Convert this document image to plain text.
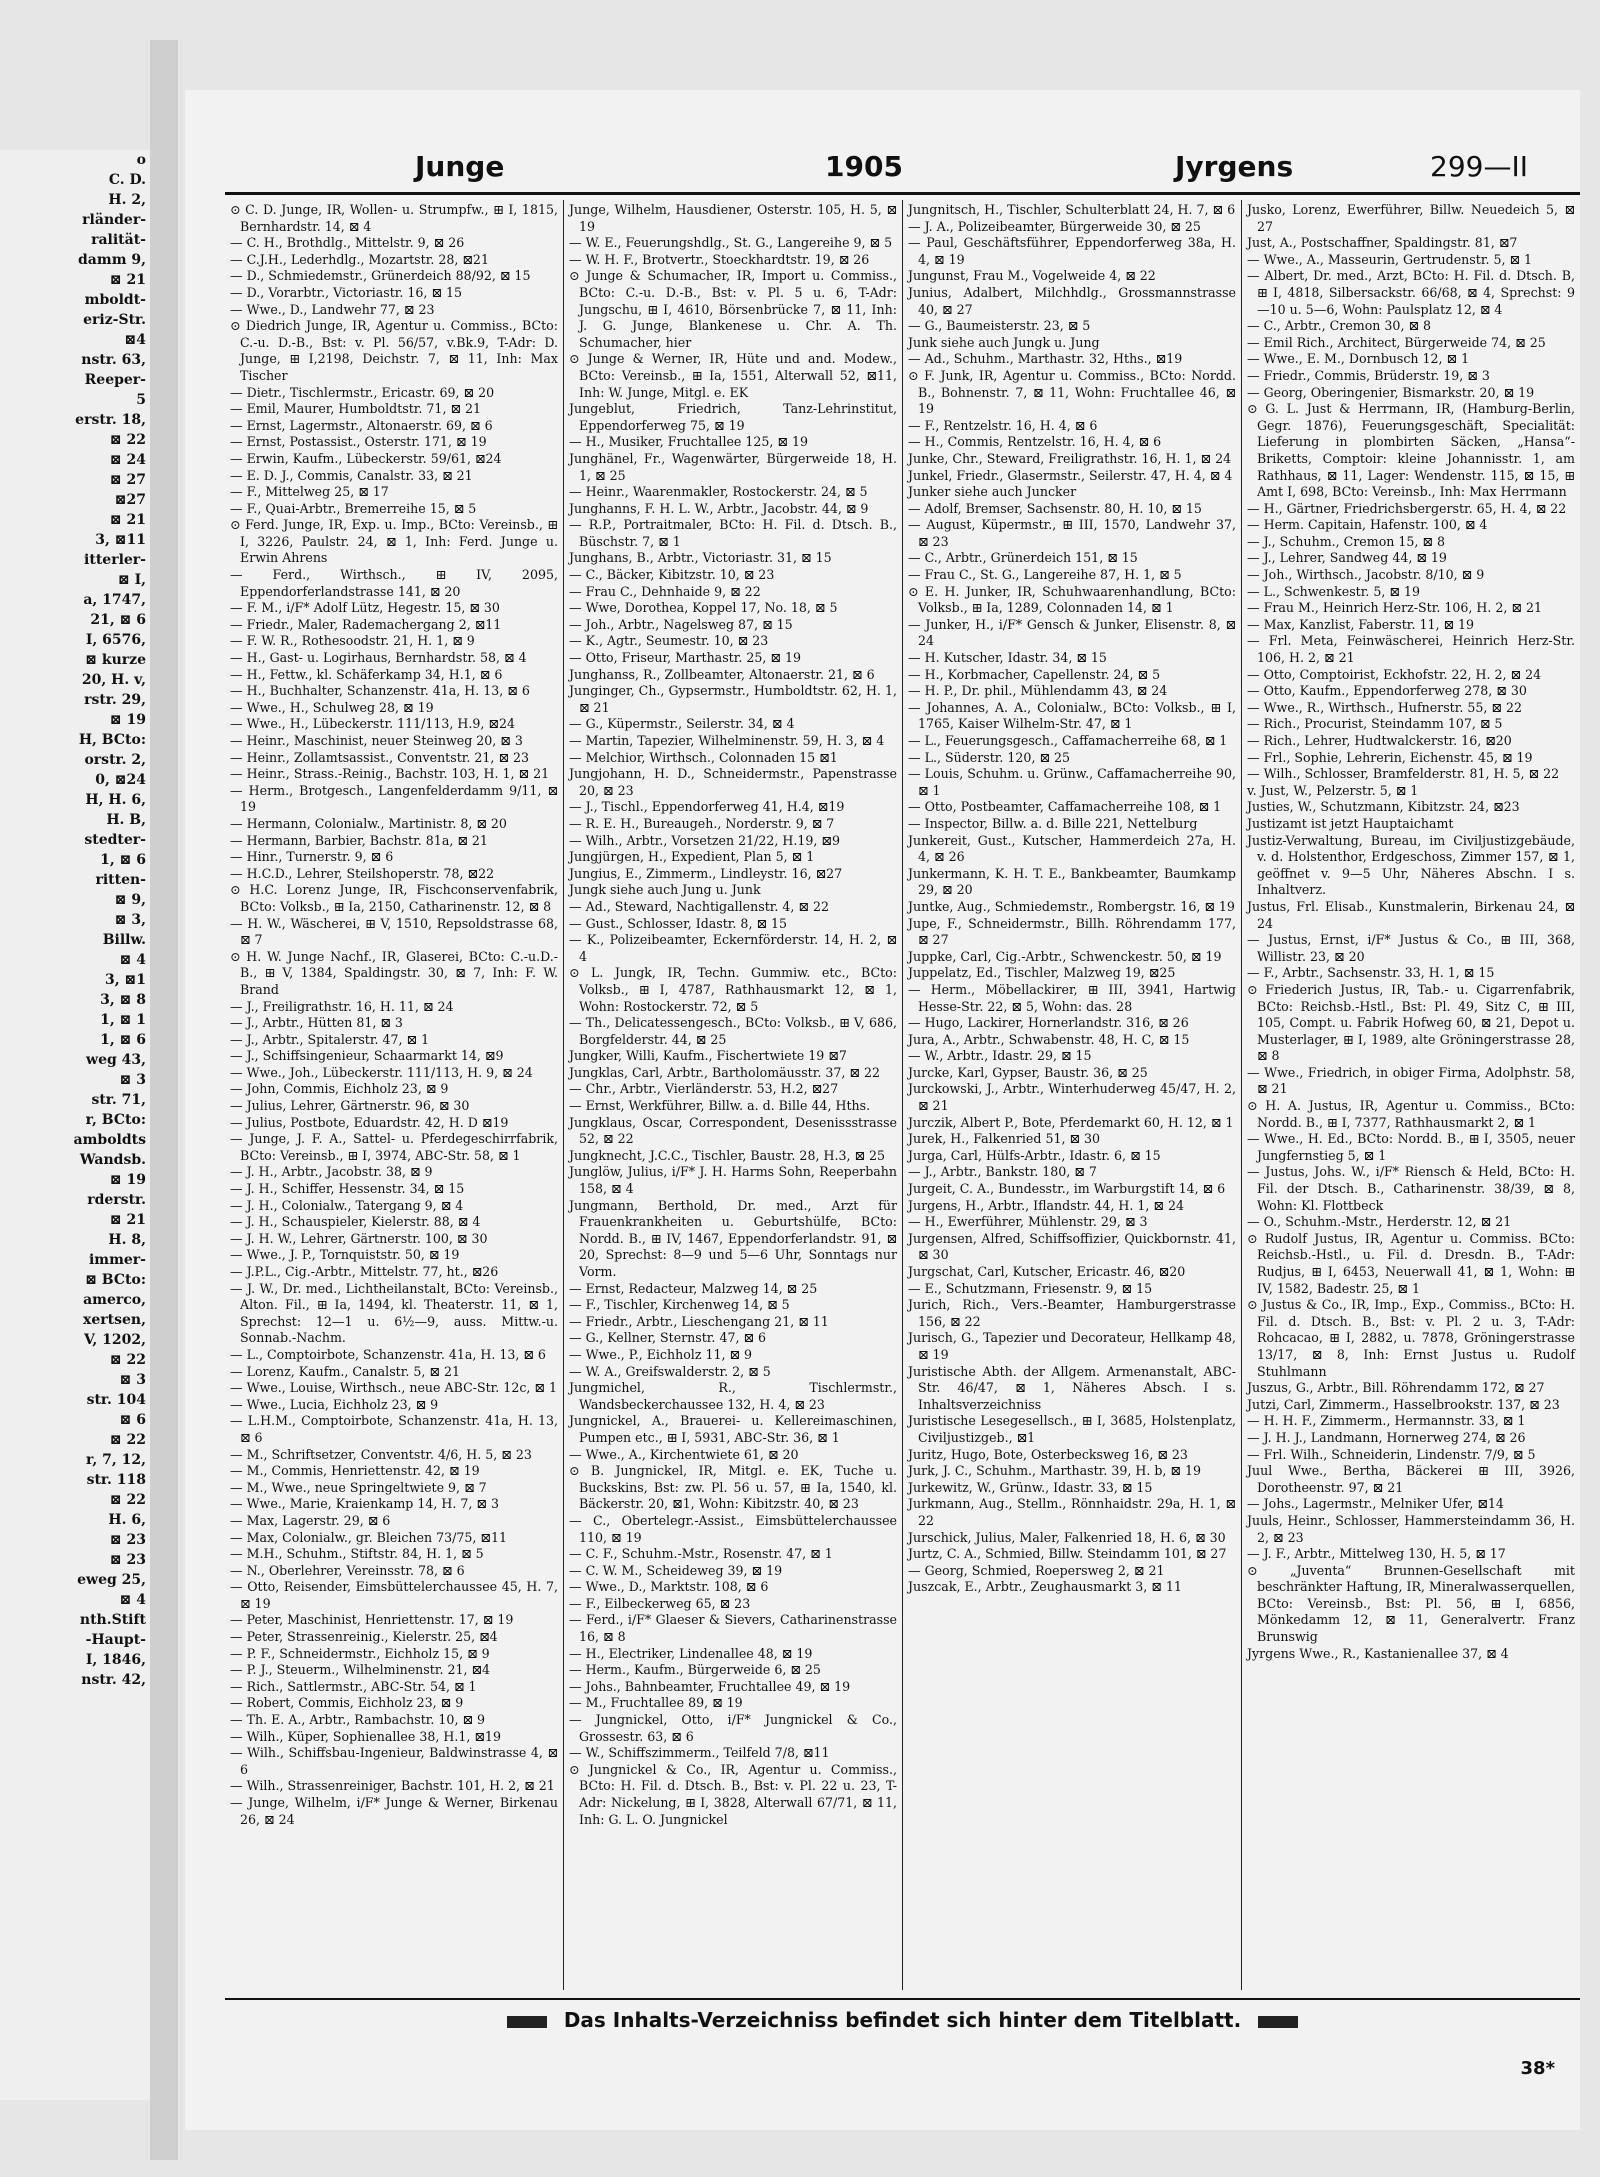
o
C. D.
H. 2,
rländer-
ralität-
damm 9,
⊠ 21
mboldt-
eriz-Str.
⊠4
nstr. 63,
Reeper-
5
erstr. 18,
⊠ 22
⊠ 24
⊠ 27
⊠27
⊠ 21
3, ⊠11
itterler-
⊠ I,
a, 1747,
21, ⊠ 6
I, 6576,
⊠ kurze
20, H. v,
rstr. 29,
⊠ 19
H, BCto:
orstr. 2,
0, ⊠24
H, H. 6,
H. B,
stedter-
1, ⊠ 6
ritten-
⊠ 9,
⊠ 3,
Billw.
⊠ 4
3, ⊠1
3, ⊠ 8
1, ⊠ 1
1, ⊠ 6
weg 43,
⊠ 3
str. 71,
r, BCto:
amboldts
Wandsb.
⊠ 19
rderstr.
⊠ 21
H. 8,
immer-
⊠ BCto:
amerco,
xertsen,
V, 1202,
⊠ 22
⊠ 3
str. 104
⊠ 6
⊠ 22
r, 7, 12,
str. 118
⊠ 22
H. 6,
⊠ 23
⊠ 23
eweg 25,
⊠ 4
nth.Stift
-Haupt-
I, 1846,
nstr. 42,
Junge	1905	Jyrgens	299—II

⊙ C. D. Junge, IR, Wollen- u. Strumpfw., ⊞ I, 1815, Bernhardstr. 14, ⊠ 4

— C. H., Brothdlg., Mittelstr. 9, ⊠ 26

— C.J.H., Lederhdlg., Mozartstr. 28, ⊠21

— D., Schmiedemstr., Grünerdeich 88/92, ⊠ 15

— D., Vorarbtr., Victoriastr. 16, ⊠ 15

— Wwe., D., Landwehr 77, ⊠ 23

⊙ Diedrich Junge, IR, Agentur u. Commiss., BCto: C.-u. D.-B., Bst: v. Pl. 56/57, v.Bk.9, T-Adr: D. Junge, ⊞ I,2198, Deichstr. 7, ⊠ 11, Inh: Max Tischer

— Dietr., Tischlermstr., Ericastr. 69, ⊠ 20

— Emil, Maurer, Humboldtstr. 71, ⊠ 21

— Ernst, Lagermstr., Altonaerstr. 69, ⊠ 6

— Ernst, Postassist., Osterstr. 171, ⊠ 19

— Erwin, Kaufm., Lübeckerstr. 59/61, ⊠24

— E. D. J., Commis, Canalstr. 33, ⊠ 21

— F., Mittelweg 25, ⊠ 17

— F., Quai-Arbtr., Bremerreihe 15, ⊠ 5

⊙ Ferd. Junge, IR, Exp. u. Imp., BCto: Vereinsb., ⊞ I, 3226, Paulstr. 24, ⊠ 1, Inh: Ferd. Junge u. Erwin Ahrens

— Ferd., Wirthsch., ⊞ IV, 2095, Eppendorferlandstrasse 141, ⊠ 20

— F. M., i/F* Adolf Lütz, Hegestr. 15, ⊠ 30

— Friedr., Maler, Rademachergang 2, ⊠11

— F. W. R., Rothesoodstr. 21, H. 1, ⊠ 9

— H., Gast- u. Logirhaus, Bernhardstr. 58, ⊠ 4

— H., Fettw., kl. Schäferkamp 34, H.1, ⊠ 6

— H., Buchhalter, Schanzenstr. 41a, H. 13, ⊠ 6

— Wwe., H., Schulweg 28, ⊠ 19

— Wwe., H., Lübeckerstr. 111/113, H.9, ⊠24

— Heinr., Maschinist, neuer Steinweg 20, ⊠ 3

— Heinr., Zollamtsassist., Conventstr. 21, ⊠ 23

— Heinr., Strass.-Reinig., Bachstr. 103, H. 1, ⊠ 21

— Herm., Brotgesch., Langenfelderdamm 9/11, ⊠ 19

— Hermann, Colonialw., Martinistr. 8, ⊠ 20

— Hermann, Barbier, Bachstr. 81a, ⊠ 21

— Hinr., Turnerstr. 9, ⊠ 6

— H.C.D., Lehrer, Steilshoperstr. 78, ⊠22

⊙ H.C. Lorenz Junge, IR, Fischconservenfabrik, BCto: Volksb., ⊞ Ia, 2150, Catharinenstr. 12, ⊠ 8

— H. W., Wäscherei, ⊞ V, 1510, Repsoldstrasse 68, ⊠ 7

⊙ H. W. Junge Nachf., IR, Glaserei, BCto: C.-u.D.-B., ⊞ V, 1384, Spaldingstr. 30, ⊠ 7, Inh: F. W. Brand

— J., Freiligrathstr. 16, H. 11, ⊠ 24

— J., Arbtr., Hütten 81, ⊠ 3

— J., Arbtr., Spitalerstr. 47, ⊠ 1

— J., Schiffsingenieur, Schaarmarkt 14, ⊠9

— Wwe., Joh., Lübeckerstr. 111/113, H. 9, ⊠ 24

— John, Commis, Eichholz 23, ⊠ 9

— Julius, Lehrer, Gärtnerstr. 96, ⊠ 30

— Julius, Postbote, Eduardstr. 42, H. D ⊠19

— Junge, J. F. A., Sattel- u. Pferdegeschirrfabrik, BCto: Vereinsb., ⊞ I, 3974, ABC-Str. 58, ⊠ 1

— J. H., Arbtr., Jacobstr. 38, ⊠ 9

— J. H., Schiffer, Hessenstr. 34, ⊠ 15

— J. H., Colonialw., Tatergang 9, ⊠ 4

— J. H., Schauspieler, Kielerstr. 88, ⊠ 4

— J. H. W., Lehrer, Gärtnerstr. 100, ⊠ 30

— Wwe., J. P., Tornquiststr. 50, ⊠ 19

— J.P.L., Cig.-Arbtr., Mittelstr. 77, ht., ⊠26

— J. W., Dr. med., Lichtheilanstalt, BCto: Vereinsb., Alton. Fil., ⊞ Ia, 1494, kl. Theaterstr. 11, ⊠ 1, Sprechst: 12—1 u. 6½—9, auss. Mittw.-u. Sonnab.-Nachm.

— L., Comptoirbote, Schanzenstr. 41a, H. 13, ⊠ 6

— Lorenz, Kaufm., Canalstr. 5, ⊠ 21

— Wwe., Louise, Wirthsch., neue ABC-Str. 12c, ⊠ 1

— Wwe., Lucia, Eichholz 23, ⊠ 9

— L.H.M., Comptoirbote, Schanzenstr. 41a, H. 13, ⊠ 6

— M., Schriftsetzer, Conventstr. 4/6, H. 5, ⊠ 23

— M., Commis, Henriettenstr. 42, ⊠ 19

— M., Wwe., neue Springeltwiete 9, ⊠ 7

— Wwe., Marie, Kraienkamp 14, H. 7, ⊠ 3

— Max, Lagerstr. 29, ⊠ 6

— Max, Colonialw., gr. Bleichen 73/75, ⊠11

— M.H., Schuhm., Stiftstr. 84, H. 1, ⊠ 5

— N., Oberlehrer, Vereinsstr. 78, ⊠ 6

— Otto, Reisender, Eimsbüttelerchaussee 45, H. 7, ⊠ 19

— Peter, Maschinist, Henriettenstr. 17, ⊠ 19

— Peter, Strassenreinig., Kielerstr. 25, ⊠4

— P. F., Schneidermstr., Eichholz 15, ⊠ 9

— P. J., Steuerm., Wilhelminenstr. 21, ⊠4

— Rich., Sattlermstr., ABC-Str. 54, ⊠ 1

— Robert, Commis, Eichholz 23, ⊠ 9

— Th. E. A., Arbtr., Rambachstr. 10, ⊠ 9

— Wilh., Küper, Sophienallee 38, H.1, ⊠19

— Wilh., Schiffsbau-Ingenieur, Baldwinstrasse 4, ⊠ 6

— Wilh., Strassenreiniger, Bachstr. 101, H. 2, ⊠ 21

— Junge, Wilhelm, i/F* Junge & Werner, Birkenau 26, ⊠ 24

Junge, Wilhelm, Hausdiener, Osterstr. 105, H. 5, ⊠ 19

— W. E., Feuerungshdlg., St. G., Langereihe 9, ⊠ 5

— W. H. F., Brotvertr., Stoeckhardtstr. 19, ⊠ 26

⊙ Junge & Schumacher, IR, Import u. Commiss., BCto: C.-u. D.-B., Bst: v. Pl. 5 u. 6, T-Adr: Jungschu, ⊞ I, 4610, Börsenbrücke 7, ⊠ 11, Inh: J. G. Junge, Blankenese u. Chr. A. Th. Schumacher, hier

⊙ Junge & Werner, IR, Hüte und and. Modew., BCto: Vereinsb., ⊞ Ia, 1551, Alterwall 52, ⊠11, Inh: W. Junge, Mitgl. e. EK

Jungeblut, Friedrich, Tanz-Lehrinstitut, Eppendorferweg 75, ⊠ 19

— H., Musiker, Fruchtallee 125, ⊠ 19

Junghänel, Fr., Wagenwärter, Bürgerweide 18, H. 1, ⊠ 25

— Heinr., Waarenmakler, Rostockerstr. 24, ⊠ 5

Junghanns, F. H. L. W., Arbtr., Jacobstr. 44, ⊠ 9

— R.P., Portraitmaler, BCto: H. Fil. d. Dtsch. B., Büschstr. 7, ⊠ 1

Junghans, B., Arbtr., Victoriastr. 31, ⊠ 15

— C., Bäcker, Kibitzstr. 10, ⊠ 23

— Frau C., Dehnhaide 9, ⊠ 22

— Wwe, Dorothea, Koppel 17, No. 18, ⊠ 5

— Joh., Arbtr., Nagelsweg 87, ⊠ 15

— K., Agtr., Seumestr. 10, ⊠ 23

— Otto, Friseur, Marthastr. 25, ⊠ 19

Junghanss, R., Zollbeamter, Altonaerstr. 21, ⊠ 6

Junginger, Ch., Gypsermstr., Humboldtstr. 62, H. 1, ⊠ 21

— G., Küpermstr., Seilerstr. 34, ⊠ 4

— Martin, Tapezier, Wilhelminenstr. 59, H. 3, ⊠ 4

— Melchior, Wirthsch., Colonnaden 15 ⊠1

Jungjohann, H. D., Schneidermstr., Papenstrasse 20, ⊠ 23

— J., Tischl., Eppendorferweg 41, H.4, ⊠19

— R. E. H., Bureaugeh., Norderstr. 9, ⊠ 7

— Wilh., Arbtr., Vorsetzen 21/22, H.19, ⊠9

Jungjürgen, H., Expedient, Plan 5, ⊠ 1

Jungius, E., Zimmerm., Lindleystr. 16, ⊠27

Jungk siehe auch Jung u. Junk

— Ad., Steward, Nachtigallenstr. 4, ⊠ 22

— Gust., Schlosser, Idastr. 8, ⊠ 15

— K., Polizeibeamter, Eckernförderstr. 14, H. 2, ⊠ 4

⊙ L. Jungk, IR, Techn. Gummiw. etc., BCto: Volksb., ⊞ I, 4787, Rathhausmarkt 12, ⊠ 1, Wohn: Rostockerstr. 72, ⊠ 5

— Th., Delicatessengesch., BCto: Volksb., ⊞ V, 686, Borgfelderstr. 44, ⊠ 25

Jungker, Willi, Kaufm., Fischertwiete 19 ⊠7

Jungklas, Carl, Arbtr., Bartholomäusstr. 37, ⊠ 22

— Chr., Arbtr., Vierländerstr. 53, H.2, ⊠27

— Ernst, Werkführer, Billw. a. d. Bille 44, Hths.

Jungklaus, Oscar, Correspondent, Desenissstrasse 52, ⊠ 22

Jungknecht, J.C.C., Tischler, Baustr. 28, H.3, ⊠ 25

Junglöw, Julius, i/F* J. H. Harms Sohn, Reeperbahn 158, ⊠ 4

Jungmann, Berthold, Dr. med., Arzt für Frauenkrankheiten u. Geburtshülfe, BCto: Nordd. B., ⊞ IV, 1467, Eppendorferlandstr. 91, ⊠ 20, Sprechst: 8—9 und 5—6 Uhr, Sonntags nur Vorm.

— Ernst, Redacteur, Malzweg 14, ⊠ 25

— F., Tischler, Kirchenweg 14, ⊠ 5

— Friedr., Arbtr., Lieschengang 21, ⊠ 11

— G., Kellner, Sternstr. 47, ⊠ 6

— Wwe., P., Eichholz 11, ⊠ 9

— W. A., Greifswalderstr. 2, ⊠ 5

Jungmichel, R., Tischlermstr., Wandsbeckerchaussee 132, H. 4, ⊠ 23

Jungnickel, A., Brauerei- u. Kellereimaschinen, Pumpen etc., ⊞ I, 5931, ABC-Str. 36, ⊠ 1

— Wwe., A., Kirchentwiete 61, ⊠ 20

⊙ B. Jungnickel, IR, Mitgl. e. EK, Tuche u. Buckskins, Bst: zw. Pl. 56 u. 57, ⊞ Ia, 1540, kl. Bäckerstr. 20, ⊠1, Wohn: Kibitzstr. 40, ⊠ 23

— C., Obertelegr.-Assist., Eimsbüttelerchaussee 110, ⊠ 19

— C. F., Schuhm.-Mstr., Rosenstr. 47, ⊠ 1

— C. W. M., Scheideweg 39, ⊠ 19

— Wwe., D., Marktstr. 108, ⊠ 6

— F., Eilbeckerweg 65, ⊠ 23

— Ferd., i/F* Glaeser & Sievers, Catharinenstrasse 16, ⊠ 8

— H., Electriker, Lindenallee 48, ⊠ 19

— Herm., Kaufm., Bürgerweide 6, ⊠ 25

— Johs., Bahnbeamter, Fruchtallee 49, ⊠ 19

— M., Fruchtallee 89, ⊠ 19

— Jungnickel, Otto, i/F* Jungnickel & Co., Grossestr. 63, ⊠ 6

— W., Schiffszimmerm., Teilfeld 7/8, ⊠11

⊙ Jungnickel & Co., IR, Agentur u. Commiss., BCto: H. Fil. d. Dtsch. B., Bst: v. Pl. 22 u. 23, T-Adr: Nickelung, ⊞ I, 3828, Alterwall 67/71, ⊠ 11, Inh: G. L. O. Jungnickel

Jungnitsch, H., Tischler, Schulterblatt 24, H. 7, ⊠ 6

— J. A., Polizeibeamter, Bürgerweide 30, ⊠ 25

— Paul, Geschäftsführer, Eppendorferweg 38a, H. 4, ⊠ 19

Jungunst, Frau M., Vogelweide 4, ⊠ 22

Junius, Adalbert, Milchhdlg., Grossmannstrasse 40, ⊠ 27

— G., Baumeisterstr. 23, ⊠ 5

Junk siehe auch Jungk u. Jung

— Ad., Schuhm., Marthastr. 32, Hths., ⊠19

⊙ F. Junk, IR, Agentur u. Commiss., BCto: Nordd. B., Bohnenstr. 7, ⊠ 11, Wohn: Fruchtallee 46, ⊠ 19

— F., Rentzelstr. 16, H. 4, ⊠ 6

— H., Commis, Rentzelstr. 16, H. 4, ⊠ 6

Junke, Chr., Steward, Freiligrathstr. 16, H. 1, ⊠ 24

Junkel, Friedr., Glasermstr., Seilerstr. 47, H. 4, ⊠ 4

Junker siehe auch Juncker

— Adolf, Bremser, Sachsenstr. 80, H. 10, ⊠ 15

— August, Küpermstr., ⊞ III, 1570, Landwehr 37, ⊠ 23

— C., Arbtr., Grünerdeich 151, ⊠ 15

— Frau C., St. G., Langereihe 87, H. 1, ⊠ 5

⊙ E. H. Junker, IR, Schuhwaarenhandlung, BCto: Volksb., ⊞ Ia, 1289, Colonnaden 14, ⊠ 1

— Junker, H., i/F* Gensch & Junker, Elisenstr. 8, ⊠ 24

— H. Kutscher, Idastr. 34, ⊠ 15

— H., Korbmacher, Capellenstr. 24, ⊠ 5

— H. P., Dr. phil., Mühlendamm 43, ⊠ 24

— Johannes, A. A., Colonialw., BCto: Volksb., ⊞ I, 1765, Kaiser Wilhelm-Str. 47, ⊠ 1

— L., Feuerungsgesch., Caffamacherreihe 68, ⊠ 1

— L., Süderstr. 120, ⊠ 25

— Louis, Schuhm. u. Grünw., Caffamacherreihe 90, ⊠ 1

— Otto, Postbeamter, Caffamacherreihe 108, ⊠ 1

— Inspector, Billw. a. d. Bille 221, Nettelburg

Junkereit, Gust., Kutscher, Hammerdeich 27a, H. 4, ⊠ 26

Junkermann, K. H. T. E., Bankbeamter, Baumkamp 29, ⊠ 20

Juntke, Aug., Schmiedemstr., Rombergstr. 16, ⊠ 19

Jupe, F., Schneidermstr., Billh. Röhrendamm 177, ⊠ 27

Juppke, Carl, Cig.-Arbtr., Schwenckestr. 50, ⊠ 19

Juppelatz, Ed., Tischler, Malzweg 19, ⊠25

— Herm., Möbellackirer, ⊞ III, 3941, Hartwig Hesse-Str. 22, ⊠ 5, Wohn: das. 28

— Hugo, Lackirer, Hornerlandstr. 316, ⊠ 26

Jura, A., Arbtr., Schwabenstr. 48, H. C, ⊠ 15

— W., Arbtr., Idastr. 29, ⊠ 15

Jurcke, Karl, Gypser, Baustr. 36, ⊠ 25

Jurckowski, J., Arbtr., Winterhuderweg 45/47, H. 2, ⊠ 21

Jurczik, Albert P., Bote, Pferdemarkt 60, H. 12, ⊠ 1

Jurek, H., Falkenried 51, ⊠ 30

Jurga, Carl, Hülfs-Arbtr., Idastr. 6, ⊠ 15

— J., Arbtr., Bankstr. 180, ⊠ 7

Jurgeit, C. A., Bundesstr., im Warburgstift 14, ⊠ 6

Jurgens, H., Arbtr., Iflandstr. 44, H. 1, ⊠ 24

— H., Ewerführer, Mühlenstr. 29, ⊠ 3

Jurgensen, Alfred, Schiffsoffizier, Quickbornstr. 41, ⊠ 30

Jurgschat, Carl, Kutscher, Ericastr. 46, ⊠20

— E., Schutzmann, Friesenstr. 9, ⊠ 15

Jurich, Rich., Vers.-Beamter, Hamburgerstrasse 156, ⊠ 22

Jurisch, G., Tapezier und Decorateur, Hellkamp 48, ⊠ 19

Juristische Abth. der Allgem. Armenanstalt, ABC-Str. 46/47, ⊠ 1, Näheres Absch. I s. Inhaltsverzeichniss

Juristische Lesegesellsch., ⊞ I, 3685, Holstenplatz, Civiljustizgeb., ⊠1

Juritz, Hugo, Bote, Osterbecksweg 16, ⊠ 23

Jurk, J. C., Schuhm., Marthastr. 39, H. b, ⊠ 19

Jurkewitz, W., Grünw., Idastr. 33, ⊠ 15

Jurkmann, Aug., Stellm., Rönnhaidstr. 29a, H. 1, ⊠ 22

Jurschick, Julius, Maler, Falkenried 18, H. 6, ⊠ 30

Jurtz, C. A., Schmied, Billw. Steindamm 101, ⊠ 27

— Georg, Schmied, Roepersweg 2, ⊠ 21

Juszcak, E., Arbtr., Zeughausmarkt 3, ⊠ 11

Jusko, Lorenz, Ewerführer, Billw. Neuedeich 5, ⊠ 27

Just, A., Postschaffner, Spaldingstr. 81, ⊠7

— Wwe., A., Masseurin, Gertrudenstr. 5, ⊠ 1

— Albert, Dr. med., Arzt, BCto: H. Fil. d. Dtsch. B, ⊞ I, 4818, Silbersackstr. 66/68, ⊠ 4, Sprechst: 9—10 u. 5—6, Wohn: Paulsplatz 12, ⊠ 4

— C., Arbtr., Cremon 30, ⊠ 8

— Emil Rich., Architect, Bürgerweide 74, ⊠ 25

— Wwe., E. M., Dornbusch 12, ⊠ 1

— Friedr., Commis, Brüderstr. 19, ⊠ 3

— Georg, Oberingenier, Bismarkstr. 20, ⊠ 19

⊙ G. L. Just & Herrmann, IR, (Hamburg-Berlin, Gegr. 1876), Feuerungsgeschäft, Specialität: Lieferung in plombirten Säcken, „Hansa“-Briketts, Comptoir: kleine Johannisstr. 1, am Rathhaus, ⊠ 11, Lager: Wendenstr. 115, ⊠ 15, ⊞ Amt I, 698, BCto: Vereinsb., Inh: Max Herrmann

— H., Gärtner, Friedrichsbergerstr. 65, H. 4, ⊠ 22

— Herm. Capitain, Hafenstr. 100, ⊠ 4

— J., Schuhm., Cremon 15, ⊠ 8

— J., Lehrer, Sandweg 44, ⊠ 19

— Joh., Wirthsch., Jacobstr. 8/10, ⊠ 9

— L., Schwenkestr. 5, ⊠ 19

— Frau M., Heinrich Herz-Str. 106, H. 2, ⊠ 21

— Max, Kanzlist, Faberstr. 11, ⊠ 19

— Frl. Meta, Feinwäscherei, Heinrich Herz-Str. 106, H. 2, ⊠ 21

— Otto, Comptoirist, Eckhofstr. 22, H. 2, ⊠ 24

— Otto, Kaufm., Eppendorferweg 278, ⊠ 30

— Wwe., R., Wirthsch., Hufnerstr. 55, ⊠ 22

— Rich., Procurist, Steindamm 107, ⊠ 5

— Rich., Lehrer, Hudtwalckerstr. 16, ⊠20

— Frl., Sophie, Lehrerin, Eichenstr. 45, ⊠ 19

— Wilh., Schlosser, Bramfelderstr. 81, H. 5, ⊠ 22

v. Just, W., Pelzerstr. 5, ⊠ 1

Justies, W., Schutzmann, Kibitzstr. 24, ⊠23

Justizamt ist jetzt Hauptaichamt

Justiz-Verwaltung, Bureau, im Civiljustizgebäude, v. d. Holstenthor, Erdgeschoss, Zimmer 157, ⊠ 1, geöffnet v. 9—5 Uhr, Näheres Abschn. I s. Inhaltverz.

Justus, Frl. Elisab., Kunstmalerin, Birkenau 24, ⊠ 24

— Justus, Ernst, i/F* Justus & Co., ⊞ III, 368, Willistr. 23, ⊠ 20

— F., Arbtr., Sachsenstr. 33, H. 1, ⊠ 15

⊙ Friederich Justus, IR, Tab.- u. Cigarrenfabrik, BCto: Reichsb.-Hstl., Bst: Pl. 49, Sitz C, ⊞ III, 105, Compt. u. Fabrik Hofweg 60, ⊠ 21, Depot u. Musterlager, ⊞ I, 1989, alte Gröningerstrasse 28, ⊠ 8

— Wwe., Friedrich, in obiger Firma, Adolphstr. 58, ⊠ 21

⊙ H. A. Justus, IR, Agentur u. Commiss., BCto: Nordd. B., ⊞ I, 7377, Rathhausmarkt 2, ⊠ 1

— Wwe., H. Ed., BCto: Nordd. B., ⊞ I, 3505, neuer Jungfernstieg 5, ⊠ 1

— Justus, Johs. W., i/F* Riensch & Held, BCto: H. Fil. der Dtsch. B., Catharinenstr. 38/39, ⊠ 8, Wohn: Kl. Flottbeck

— O., Schuhm.-Mstr., Herderstr. 12, ⊠ 21

⊙ Rudolf Justus, IR, Agentur u. Commiss. BCto: Reichsb.-Hstl., u. Fil. d. Dresdn. B., T-Adr: Rudjus, ⊞ I, 6453, Neuerwall 41, ⊠ 1, Wohn: ⊞ IV, 1582, Badestr. 25, ⊠ 1

⊙ Justus & Co., IR, Imp., Exp., Commiss., BCto: H. Fil. d. Dtsch. B., Bst: v. Pl. 2 u. 3, T-Adr: Rohcacao, ⊞ I, 2882, u. 7878, Gröningerstrasse 13/17, ⊠ 8, Inh: Ernst Justus u. Rudolf Stuhlmann

Juszus, G., Arbtr., Bill. Röhrendamm 172, ⊠ 27

Jutzi, Carl, Zimmerm., Hasselbrookstr. 137, ⊠ 23

— H. H. F., Zimmerm., Hermannstr. 33, ⊠ 1

— J. H. J., Landmann, Hornerweg 274, ⊠ 26

— Frl. Wilh., Schneiderin, Lindenstr. 7/9, ⊠ 5

Juul Wwe., Bertha, Bäckerei ⊞ III, 3926, Dorotheenstr. 97, ⊠ 21

— Johs., Lagermstr., Melniker Ufer, ⊠14

Juuls, Heinr., Schlosser, Hammersteindamm 36, H. 2, ⊠ 23

— J. F., Arbtr., Mittelweg 130, H. 5, ⊠ 17

⊙ „Juventa“ Brunnen-Gesellschaft mit beschränkter Haftung, IR, Mineralwasserquellen, BCto: Vereinsb., Bst: Pl. 56, ⊞ I, 6856, Mönkedamm 12, ⊠ 11, Generalvertr. Franz Brunswig

Jyrgens Wwe., R., Kastanienallee 37, ⊠ 4

Das Inhalts-Verzeichniss befindet sich hinter dem Titelblatt.
38*
